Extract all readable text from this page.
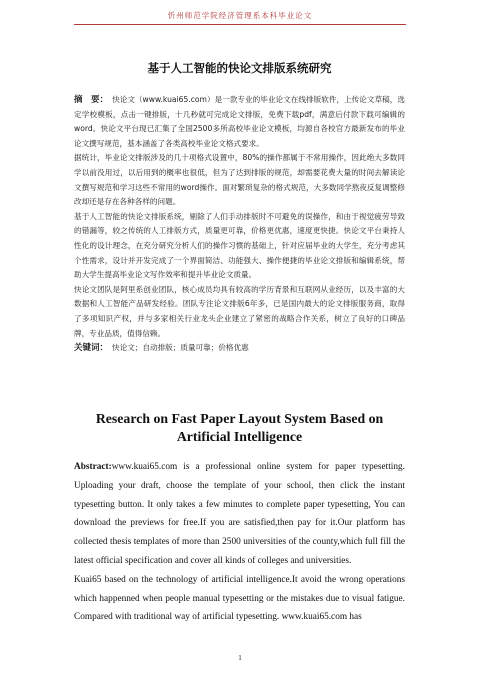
忻州师范学院经济管理系本科毕业论文
基于人工智能的快论文排版系统研究

摘　要： 快论文（www.kuai65.com）是一款专业的毕业论文在线排版软件，上传论文草稿，选定学校模板，点击一键排版，十几秒就可完成论文排版，免费下载pdf，满意后付款下载可编辑的word。快论文平台现已汇集了全国2500多所高校毕业论文模板，均源自各校官方最新发布的毕业论文撰写规范，基本涵盖了各类高校毕业论文格式要求。

据统计，毕业论文排版涉及的几十项格式设置中，80%的操作都属于不常用操作，因此绝大多数同学以前没用过，以后用到的概率也很低，但为了达到排版的规范，却需要花费大量的时间去解读论文撰写规范和学习这些不常用的word操作。面对繁琐复杂的格式规范，大多数同学熬夜反复调整修改却还是存在各种各样的问题。

基于人工智能的快论文排版系统，剔除了人们手动排版时不可避免的误操作，和由于视觉疲劳导致的错漏等，较之传统的人工排版方式，质量更可靠，价格更优惠，速度更快捷。快论文平台秉持人性化的设计理念，在充分研究分析人们的操作习惯的基础上，针对应届毕业的大学生，充分考虑其个性需求，设计并开发完成了一个界面简洁、功能强大、操作便捷的毕业论文排版和编辑系统，帮助大学生提高毕业论文写作效率和提升毕业论文质量。

快论文团队是阿里系创业团队，核心成员均具有较高的学历背景和互联网从业经历，以及丰富的大数据和人工智能产品研发经验。团队专注论文排版6年多，已是国内最大的论文排版服务商，取得了多项知识产权，并与多家相关行业龙头企业建立了紧密的战略合作关系，树立了良好的口碑品牌，专业品质，值得信赖。

关键词： 快论文；自动排版；质量可靠；价格优惠

Research on Fast Paper Layout System Based on Artificial Intelligence

Abstract:www.kuai65.com is a professional online system for paper typesetting. Uploading your draft, choose the template of your school, then click the instant typesetting button. It only takes a few minutes to complete paper typesetting, You can download the previews for free.If you are satisfied,then pay for it.Our platform has collected thesis templates of more than 2500 universities of the county,which full fill the latest official specification and cover all kinds of colleges and universities.

Kuai65 based on the technology of artificial intelligence.It avoid the wrong operations which happenned when people manual typesetting or the mistakes due to visual fatigue. Compared with traditional way of artificial typesetting. www.kuai65.com has

1
